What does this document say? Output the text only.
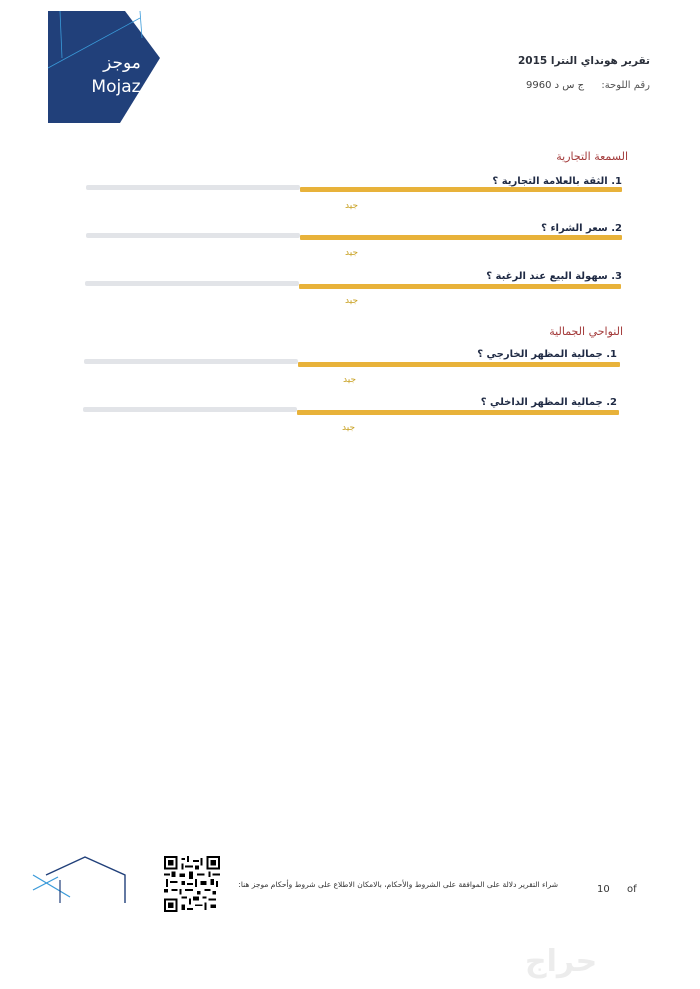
موجز
Mojaz
تقرير هونداي النترا 2015
رقم اللوحة: ج س د 9960
السمعة التجارية
1. الثقة بالعلامة التجارية ؟
جيد
2. سعر الشراء ؟
جيد
3. سهولة البيع عند الرغبة ؟
جيد
النواحي الجمالية
1. جمالية المظهر الخارجي ؟
جيد
2. جمالية المظهر الداخلي ؟
جيد
شراء التقرير دلالة على الموافقة على الشروط والأحكام، بالامكان الاطلاع على شروط وأحكام موجز هنا:	10 of
حراج
